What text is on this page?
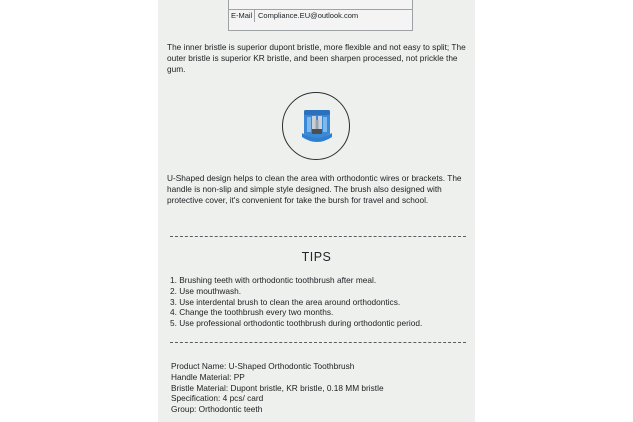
E-Mail Compliance.EU@outlook.com

The inner bristle is superior dupont bristle, more flexible and not easy to split; The outer bristle is superior KR bristle, and been sharpen processed, not prickle the gum.

U-Shaped design helps to clean the area with orthodontic wires or brackets. The handle is non-slip and simple style designed. The brush also designed with protective cover, it's convenient for take the bursh for travel and school.

TIPS
1. Brushing teeth with orthodontic toothbrush after meal.
2. Use mouthwash.
3. Use interdental brush to clean the area around orthodontics.
4. Change the toothbrush every two months.
5. Use professional orthodontic toothbrush during orthodontic period.
Product Name: U-Shaped Orthodontic Toothbrush
Handle Material: PP
Bristle Material: Dupont bristle, KR bristle, 0.18 MM bristle
Specification: 4 pcs/ card
Group: Orthodontic teeth
